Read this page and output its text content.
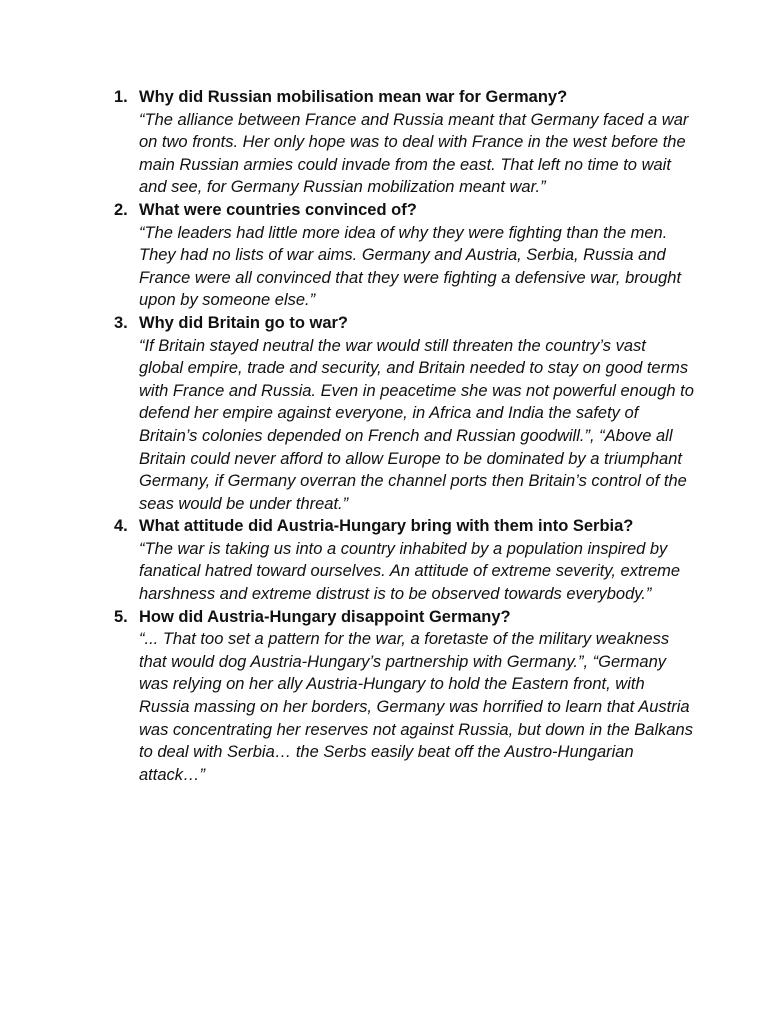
1. Why did Russian mobilisation mean war for Germany?

“The alliance between France and Russia meant that Germany faced a war on two fronts. Her only hope was to deal with France in the west before the main Russian armies could invade from the east. That left no time to wait and see, for Germany Russian mobilization meant war.”

2. What were countries convinced of?

“The leaders had little more idea of why they were fighting than the men. They had no lists of war aims. Germany and Austria, Serbia, Russia and France were all convinced that they were fighting a defensive war, brought upon by someone else.”

3. Why did Britain go to war?

“If Britain stayed neutral the war would still threaten the country’s vast global empire, trade and security, and Britain needed to stay on good terms with France and Russia. Even in peacetime she was not powerful enough to defend her empire against everyone, in Africa and India the safety of Britain’s colonies depended on French and Russian goodwill.”, “Above all Britain could never afford to allow Europe to be dominated by a triumphant Germany, if Germany overran the channel ports then Britain’s control of the seas would be under threat.”

4. What attitude did Austria-Hungary bring with them into Serbia?

“The war is taking us into a country inhabited by a population inspired by fanatical hatred toward ourselves. An attitude of extreme severity, extreme harshness and extreme distrust is to be observed towards everybody.”

5. How did Austria-Hungary disappoint Germany?

“... That too set a pattern for the war, a foretaste of the military weakness that would dog Austria-Hungary’s partnership with Germany.”, “Germany was relying on her ally Austria-Hungary to hold the Eastern front, with Russia massing on her borders, Germany was horrified to learn that Austria was concentrating her reserves not against Russia, but down in the Balkans to deal with Serbia… the Serbs easily beat off the Austro-Hungarian attack…”
